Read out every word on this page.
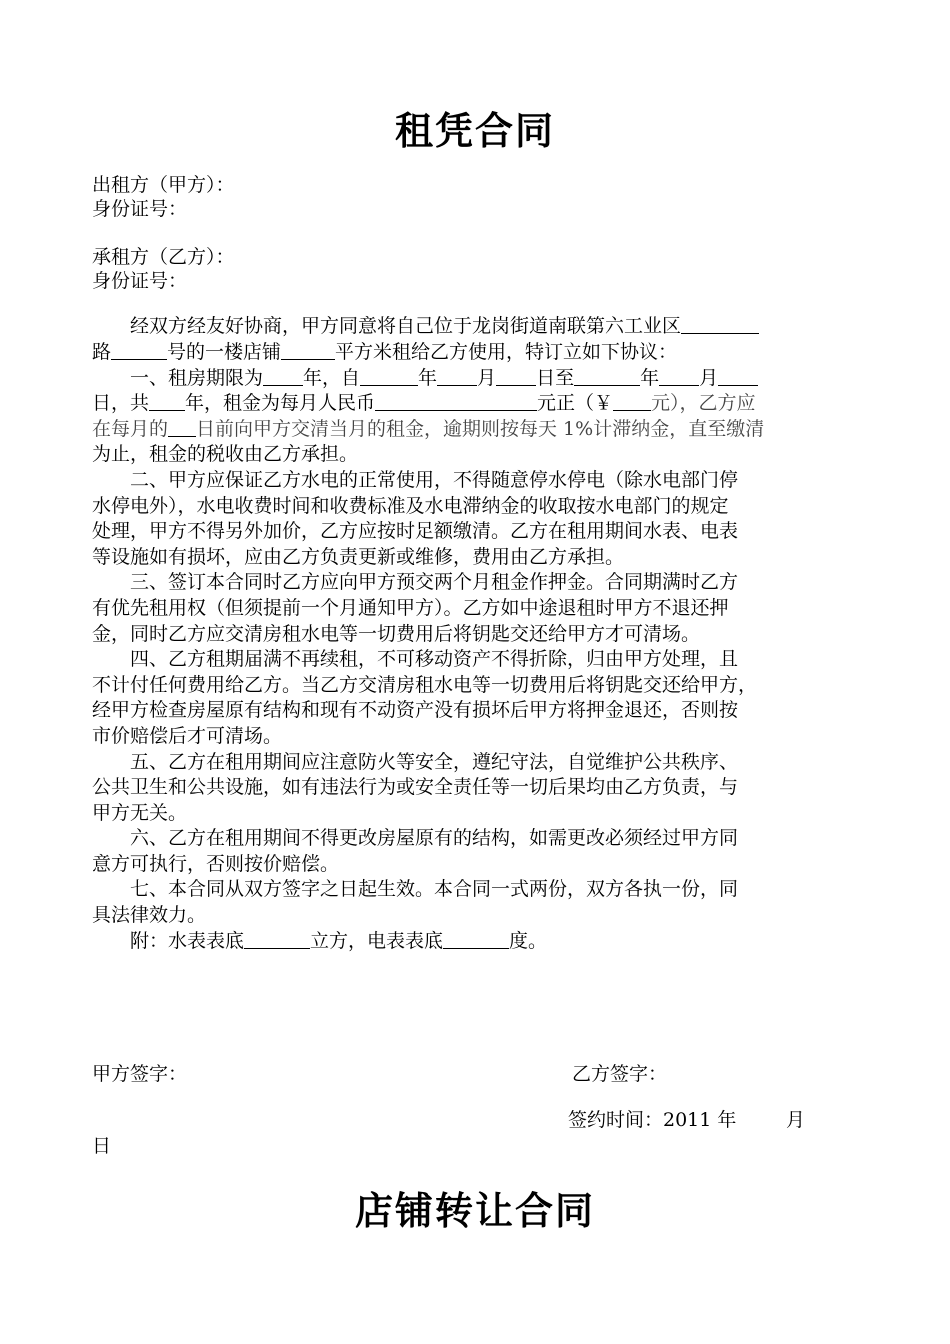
租凭合同
出租方（甲方）：
身份证号：
承租方（乙方）：
身份证号：

经双方经友好协商，甲方同意将自己位于龙岗街道南联第六工业区

路	号的一楼店铺	平方米租给乙方使用，特订立如下协议：

一、租房期限为 年，自	年 月 日至	年 月

日，共 年，租金为每月人民币	元正（￥ 元），乙方应

在每月的 日前向甲方交清当月的租金，逾期则按每天 1%计滞纳金，直至缴清

为止，租金的税收由乙方承担。

二、甲方应保证乙方水电的正常使用，不得随意停水停电（除水电部门停

水停电外），水电收费时间和收费标准及水电滞纳金的收取按水电部门的规定

处理，甲方不得另外加价，乙方应按时足额缴清。乙方在租用期间水表、电表

等设施如有损坏，应由乙方负责更新或维修，费用由乙方承担。

三、签订本合同时乙方应向甲方预交两个月租金作押金。合同期满时乙方

有优先租用权（但须提前一个月通知甲方）。乙方如中途退租时甲方不退还押

金，同时乙方应交清房租水电等一切费用后将钥匙交还给甲方才可清场。

四、乙方租期届满不再续租，不可移动资产不得折除，归由甲方处理，且

不计付任何费用给乙方。当乙方交清房租水电等一切费用后将钥匙交还给甲方，

经甲方检查房屋原有结构和现有不动资产没有损坏后甲方将押金退还，否则按

市价赔偿后才可清场。

五、乙方在租用期间应注意防火等安全，遵纪守法，自觉维护公共秩序、

公共卫生和公共设施，如有违法行为或安全责任等一切后果均由乙方负责，与

甲方无关。

六、乙方在租用期间不得更改房屋原有的结构，如需更改必须经过甲方同

意方可执行，否则按价赔偿。

七、本合同从双方签字之日起生效。本合同一式两份，双方各执一份，同

具法律效力。

附：水表表底	立方，电表表底	度。

甲方签字：	乙方签字：
签约时间：2011 年	月
日
店铺转让合同
